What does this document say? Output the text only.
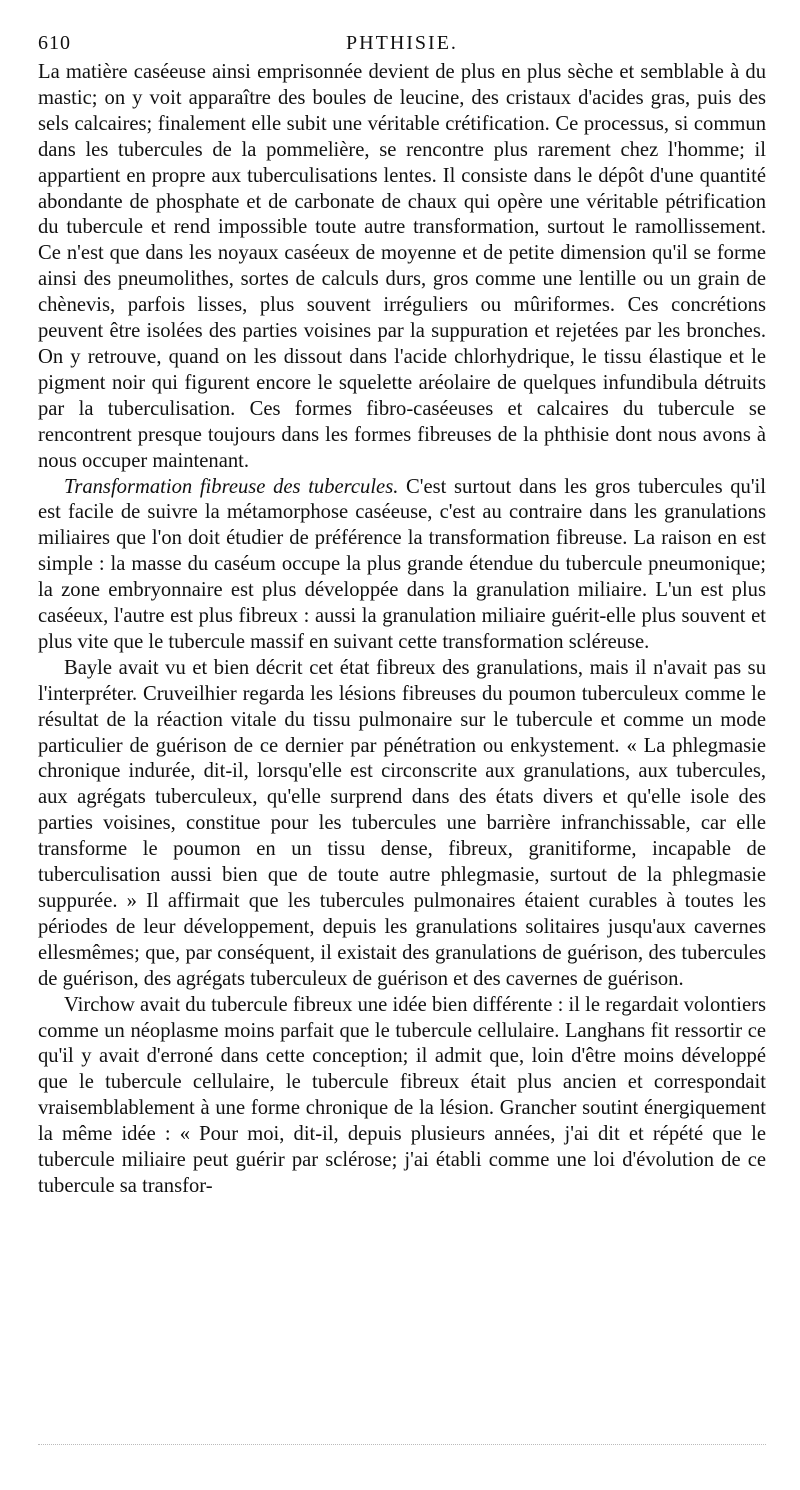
610	PHTHISIE.

La matière caséeuse ainsi emprisonnée devient de plus en plus sèche et semblable à du mastic; on y voit apparaître des boules de leucine, des cristaux d'acides gras, puis des sels calcaires; finalement elle subit une véritable crétification. Ce processus, si commun dans les tubercules de la pommelière, se rencontre plus rarement chez l'homme; il appartient en propre aux tuberculisations lentes. Il consiste dans le dépôt d'une quantité abondante de phosphate et de carbonate de chaux qui opère une véritable pétrification du tubercule et rend impossible toute autre transformation, surtout le ramollissement. Ce n'est que dans les noyaux caséeux de moyenne et de petite dimension qu'il se forme ainsi des pneumolithes, sortes de calculs durs, gros comme une lentille ou un grain de chènevis, parfois lisses, plus souvent irréguliers ou mûriformes. Ces concrétions peuvent être isolées des parties voisines par la suppuration et rejetées par les bronches. On y retrouve, quand on les dissout dans l'acide chlorhydrique, le tissu élastique et le pigment noir qui figurent encore le squelette aréolaire de quelques infundibula détruits par la tuberculisation. Ces formes fibro-caséeuses et calcaires du tubercule se rencontrent presque toujours dans les formes fibreuses de la phthisie dont nous avons à nous occuper maintenant.

Transformation fibreuse des tubercules. C'est surtout dans les gros tubercules qu'il est facile de suivre la métamorphose caséeuse, c'est au contraire dans les granulations miliaires que l'on doit étudier de préférence la transformation fibreuse. La raison en est simple : la masse du caséum occupe la plus grande étendue du tubercule pneumonique; la zone embryonnaire est plus développée dans la granulation miliaire. L'un est plus caséeux, l'autre est plus fibreux : aussi la granulation miliaire guérit-elle plus souvent et plus vite que le tubercule massif en suivant cette transformation scléreuse.

Bayle avait vu et bien décrit cet état fibreux des granulations, mais il n'avait pas su l'interpréter. Cruveilhier regarda les lésions fibreuses du poumon tuberculeux comme le résultat de la réaction vitale du tissu pulmonaire sur le tubercule et comme un mode particulier de guérison de ce dernier par pénétration ou enkystement. « La phlegmasie chronique indurée, dit-il, lorsqu'elle est circonscrite aux granulations, aux tubercules, aux agrégats tuberculeux, qu'elle surprend dans des états divers et qu'elle isole des parties voisines, constitue pour les tubercules une barrière infranchissable, car elle transforme le poumon en un tissu dense, fibreux, granitiforme, incapable de tuberculisation aussi bien que de toute autre phlegmasie, surtout de la phlegmasie suppurée. » Il affirmait que les tubercules pulmonaires étaient curables à toutes les périodes de leur développement, depuis les granulations solitaires jusqu'aux cavernes ellesmêmes; que, par conséquent, il existait des granulations de guérison, des tubercules de guérison, des agrégats tuberculeux de guérison et des cavernes de guérison.

Virchow avait du tubercule fibreux une idée bien différente : il le regardait volontiers comme un néoplasme moins parfait que le tubercule cellulaire. Langhans fit ressortir ce qu'il y avait d'erroné dans cette conception; il admit que, loin d'être moins développé que le tubercule cellulaire, le tubercule fibreux était plus ancien et correspondait vraisemblablement à une forme chronique de la lésion. Grancher soutint énergiquement la même idée : « Pour moi, dit-il, depuis plusieurs années, j'ai dit et répété que le tubercule miliaire peut guérir par sclérose; j'ai établi comme une loi d'évolution de ce tubercule sa transfor-
